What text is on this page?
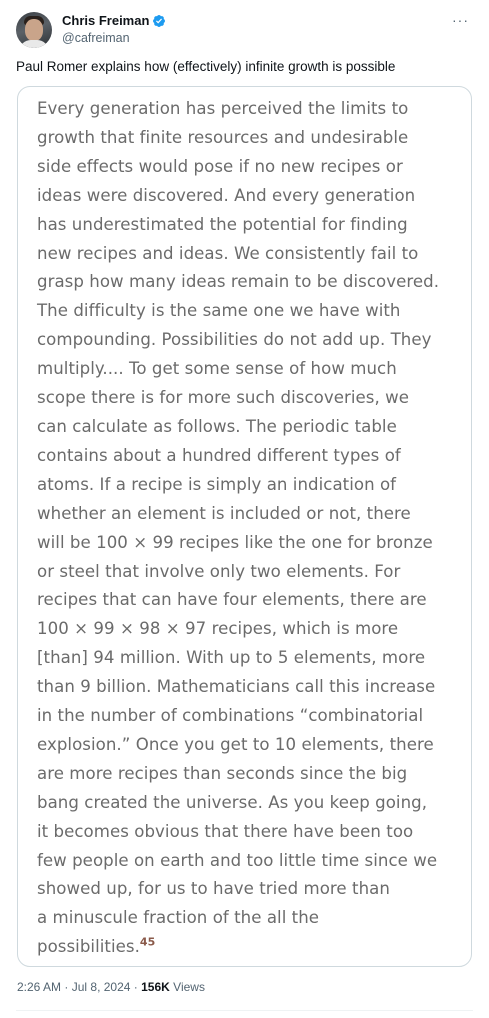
Chris Freiman
@cafreiman
···
Paul Romer explains how (effectively) infinite growth is possible
Every generation has perceived the limits to
growth that finite resources and undesirable
side effects would pose if no new recipes or
ideas were discovered. And every generation
has underestimated the potential for finding
new recipes and ideas. We consistently fail to
grasp how many ideas remain to be discovered.
The difficulty is the same one we have with
compounding. Possibilities do not add up. They
multiply.... To get some sense of how much
scope there is for more such discoveries, we
can calculate as follows. The periodic table
contains about a hundred different types of
atoms. If a recipe is simply an indication of
whether an element is included or not, there
will be 100 × 99 recipes like the one for bronze
or steel that involve only two elements. For
recipes that can have four elements, there are
100 × 99 × 98 × 97 recipes, which is more
[than] 94 million. With up to 5 elements, more
than 9 billion. Mathematicians call this increase
in the number of combinations “combinatorial
explosion.” Once you get to 10 elements, there
are more recipes than seconds since the big
bang created the universe. As you keep going,
it becomes obvious that there have been too
few people on earth and too little time since we
showed up, for us to have tried more than
a minuscule fraction of the all the
possibilities.$^{45}$
2:26 AM · Jul 8, 2024 · 156K Views
